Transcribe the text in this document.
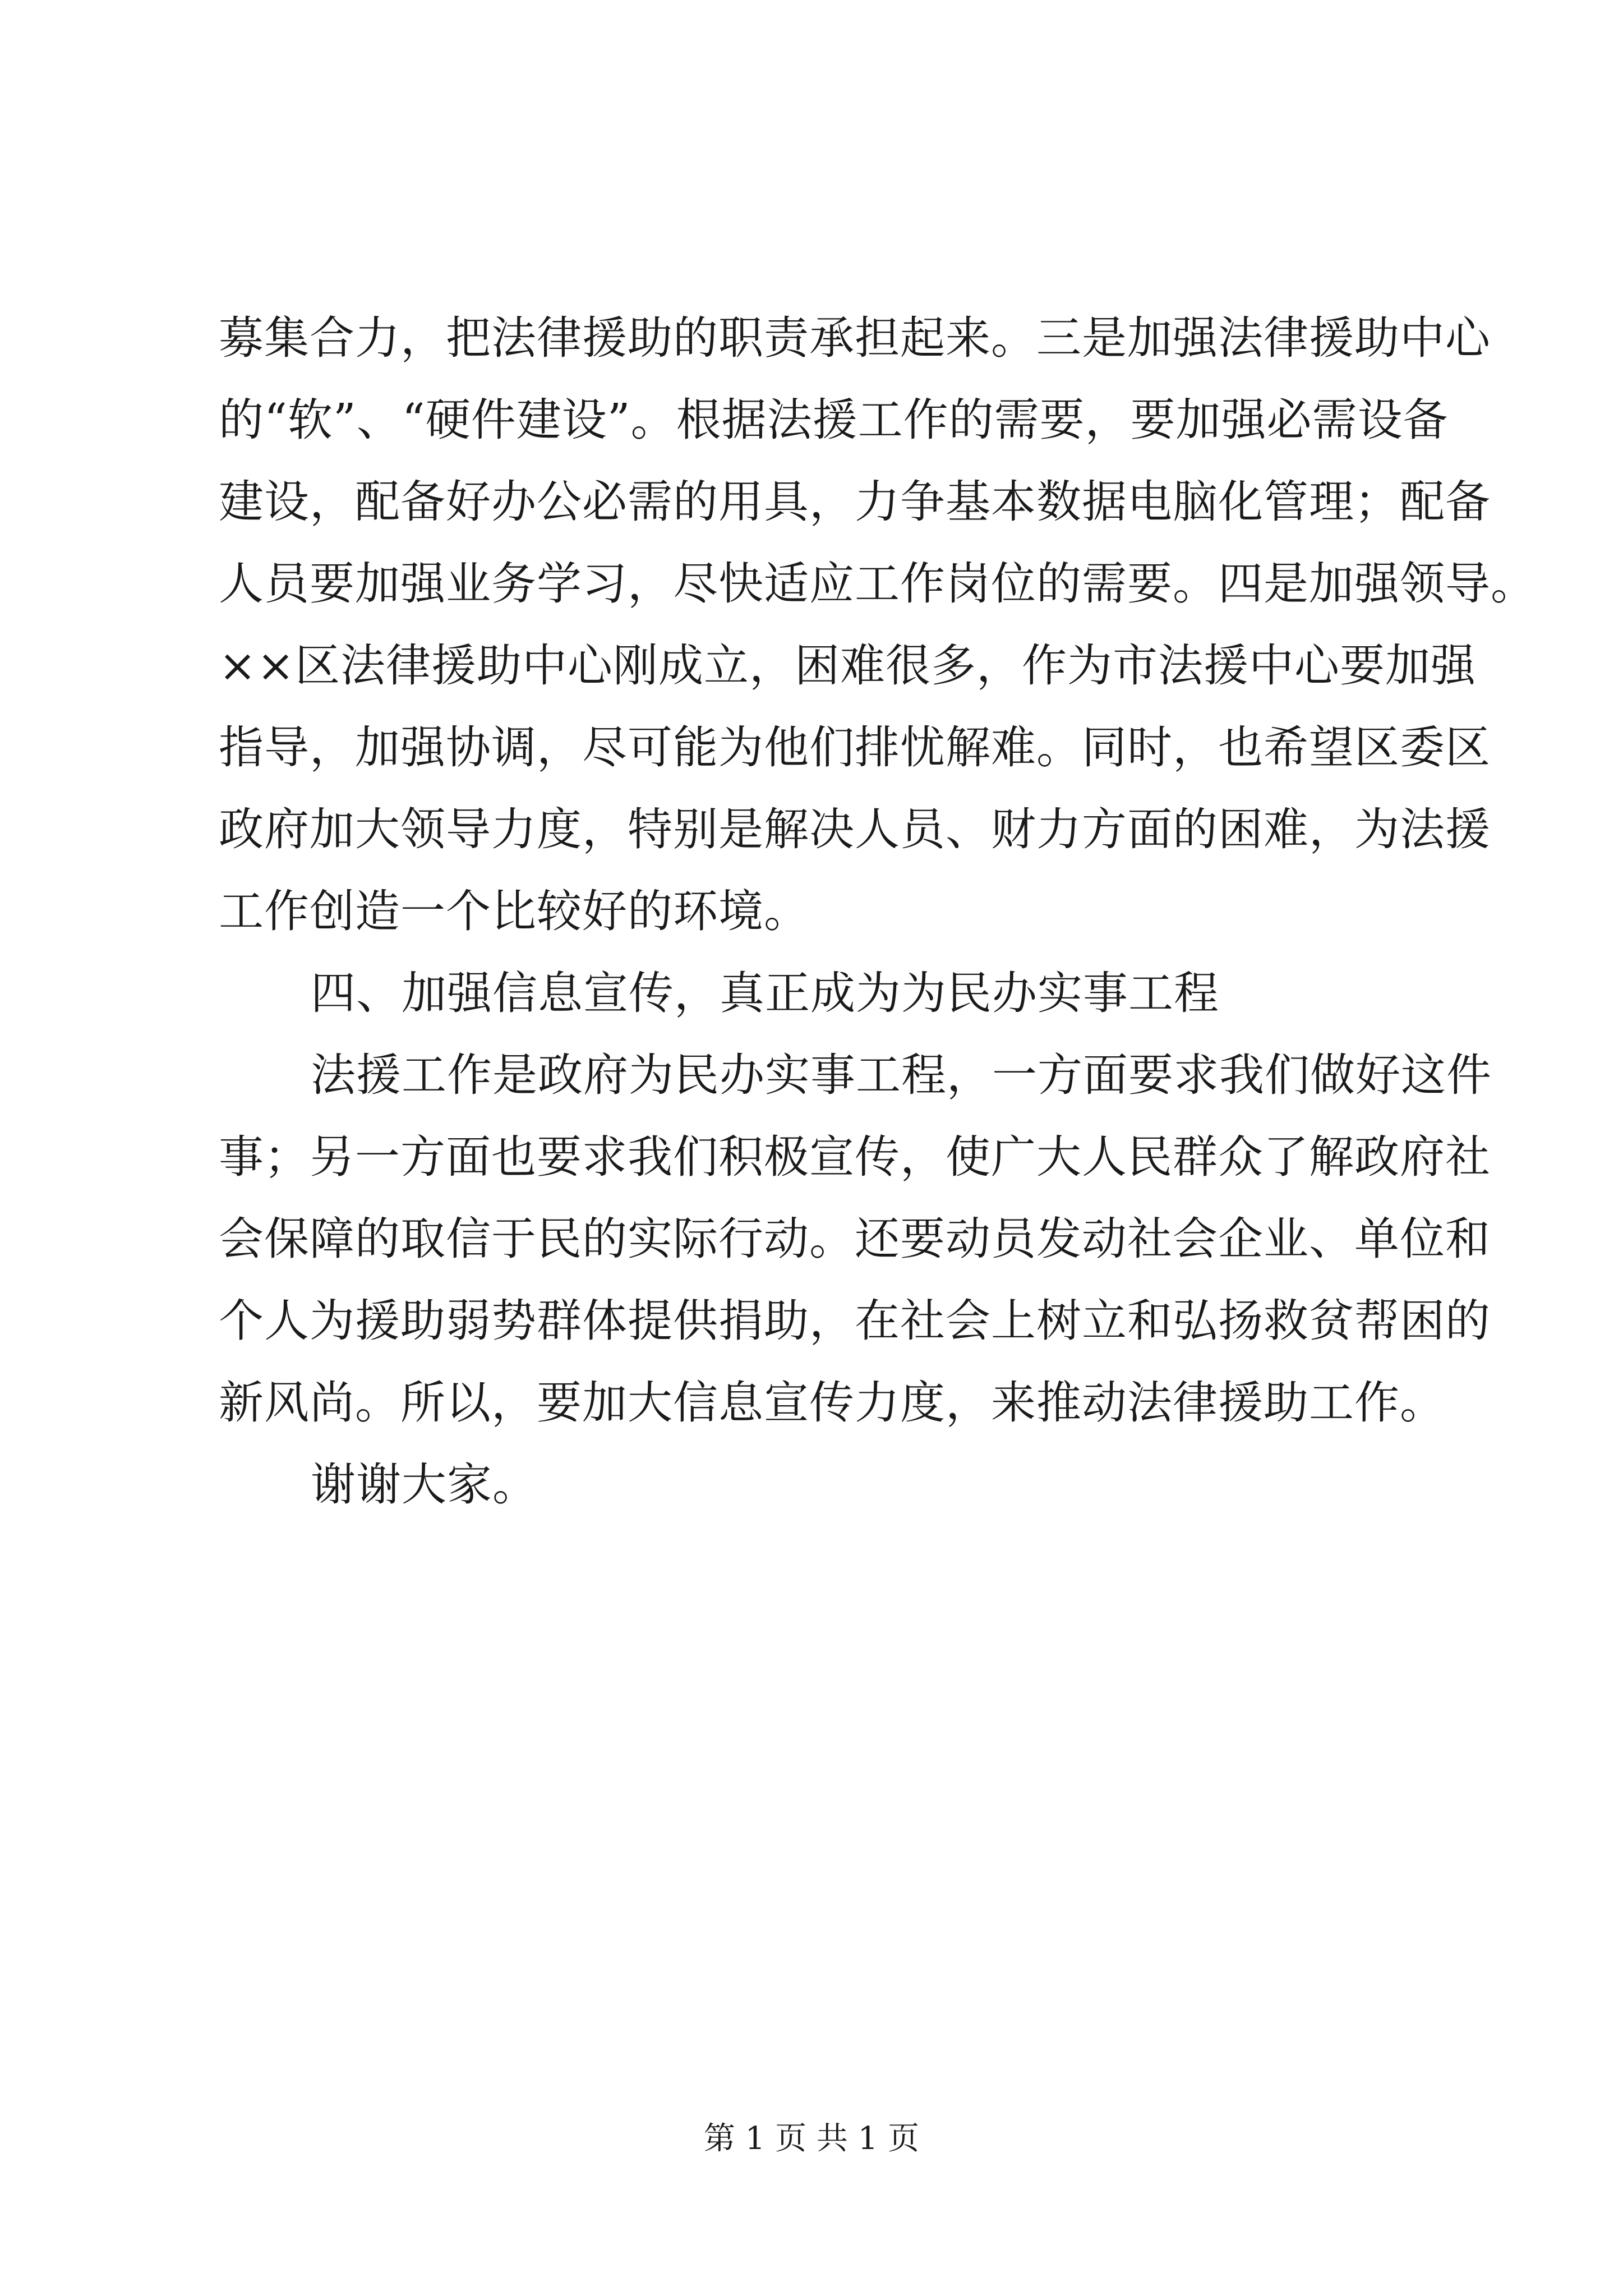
募集合力，把法律援助的职责承担起来。三是加强法律援助中心
的“软”、“硬件建设”。根据法援工作的需要，要加强必需设备
建设，配备好办公必需的用具，力争基本数据电脑化管理；配备
人员要加强业务学习，尽快适应工作岗位的需要。四是加强领导。
××区法律援助中心刚成立，困难很多，作为市法援中心要加强
指导，加强协调，尽可能为他们排忧解难。同时，也希望区委区
政府加大领导力度，特别是解决人员、财力方面的困难，为法援
工作创造一个比较好的环境。
四、加强信息宣传，真正成为为民办实事工程
法援工作是政府为民办实事工程，一方面要求我们做好这件
事；另一方面也要求我们积极宣传，使广大人民群众了解政府社
会保障的取信于民的实际行动。还要动员发动社会企业、单位和
个人为援助弱势群体提供捐助，在社会上树立和弘扬救贫帮困的
新风尚。所以，要加大信息宣传力度，来推动法律援助工作。
谢谢大家。
第 1 页 共 1 页
